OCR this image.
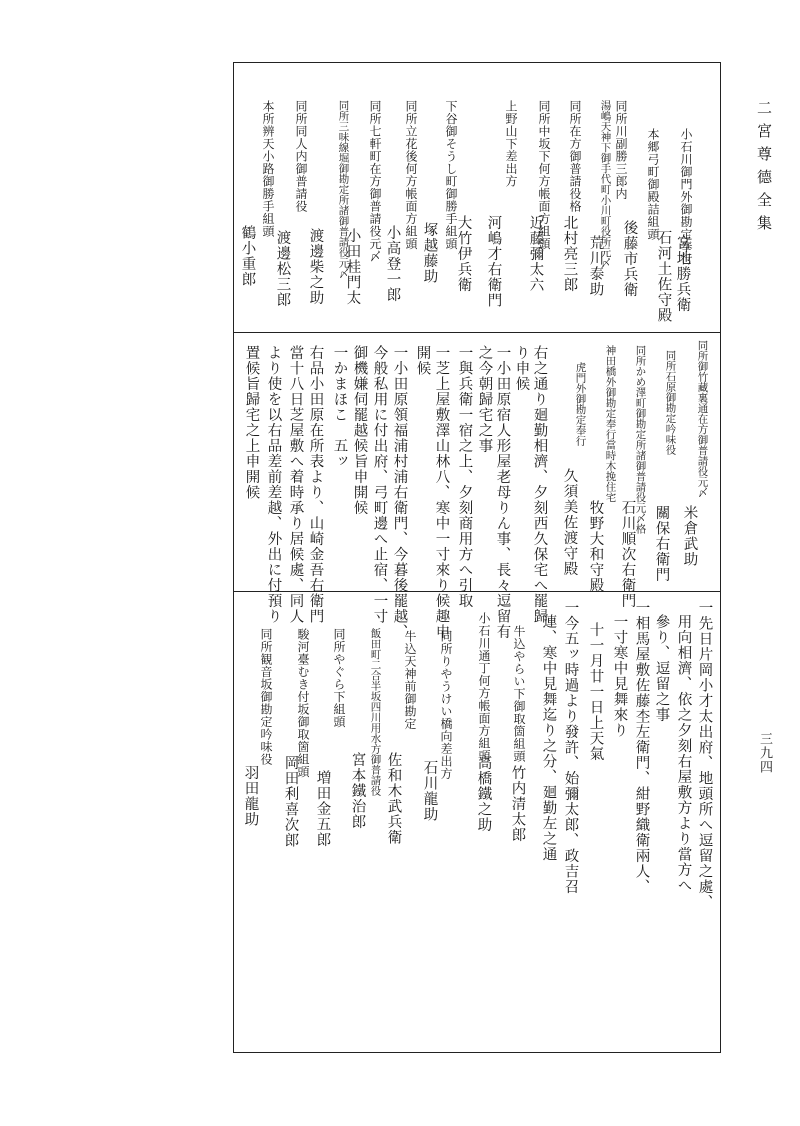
二宮尊德全集
三九四
小石川御門外御勘定奉行
宮地勝兵衛
本郷弓町御殿詰組頭
石河土佐守殿
同所川副勝三郎内
後藤市兵衛
湯嶋天神下御手代町小川町役所元〆
荒川泰助
同所在方御普請役格
北村亮三郎
同所中坂下何方帳面方組頭
近藤彌太六
上野山下差出方
河嶋才右衛門
下谷御そうし町御勝手組頭
大竹伊兵衛
同所立花後何方帳面方組頭
塚越藤助
同所七軒町在方御普請役元〆
小高登一郎
同所三味線堀御勘定所諸御普請役元〆
小田桂門太
同所同人内御普請役
渡邊柴之助
本所辨天小路御勝手組頭
渡邊松三郎
鶴小重郎
同所御竹藏裏通在方御普請役元〆
米倉武助
同所石原御勘定吟味役
關保右衛門
同所かめ澤町御勘定所諸御普請役元〆格
石川順次右衛門
神田橋外御勘定奉行當時木挽住宅
牧野大和守殿
虎門外御勘定奉行
久須美佐渡守殿
右之通り廻勤相濟、夕刻西久保宅へ罷歸
り申候
一小田原宿人形屋老母りん事、長々逗留有
之今朝歸宅之事
一與兵衛一宿之上、夕刻商用方へ引取
一芝上屋敷澤山林八、寒中一寸來り候趣申
開候
一小田原領福浦村浦右衛門、今暮後罷越、
今般私用に付出府、弓町邊へ止宿、一寸
御機嫌伺罷越候旨申開候
一かまほこ　五ッ
右品小田原在所表より、山崎金吾右衛門
當十八日芝屋敷へ着時承り居候處、同人
より使を以右品差前差越、外出に付預り
置候旨歸宅之上申開候
一先日片岡小才太出府、地頭所へ逗留之處、
用向相濟、依之夕刻右屋敷方より當方へ
參り、逗留之事
一相馬屋敷佐藤杢左衛門、紺野織衛兩人、
一寸寒中見舞來り
十一月廿一日上天氣
一今五ッ時過より發許、始彌太郎、政吉召
連、寒中見舞迄り之分、廻勤左之通
牛込やらい下御取箇組頭
竹内清太郎
小石川通丁何方帳面方組頭
高橋鐵之助
同所りやうけい橋向差出方
石川龍助
牛込天神前御勘定
佐和木武兵衛
飯田町二合半坂四川用水方御普請役
宮本鐵治郎
同所やぐら下組頭
増田金五郎
駿河臺むき付坂御取箇組頭
岡田利喜次郎
同所観音坂御勘定吟味役
羽田龍助
